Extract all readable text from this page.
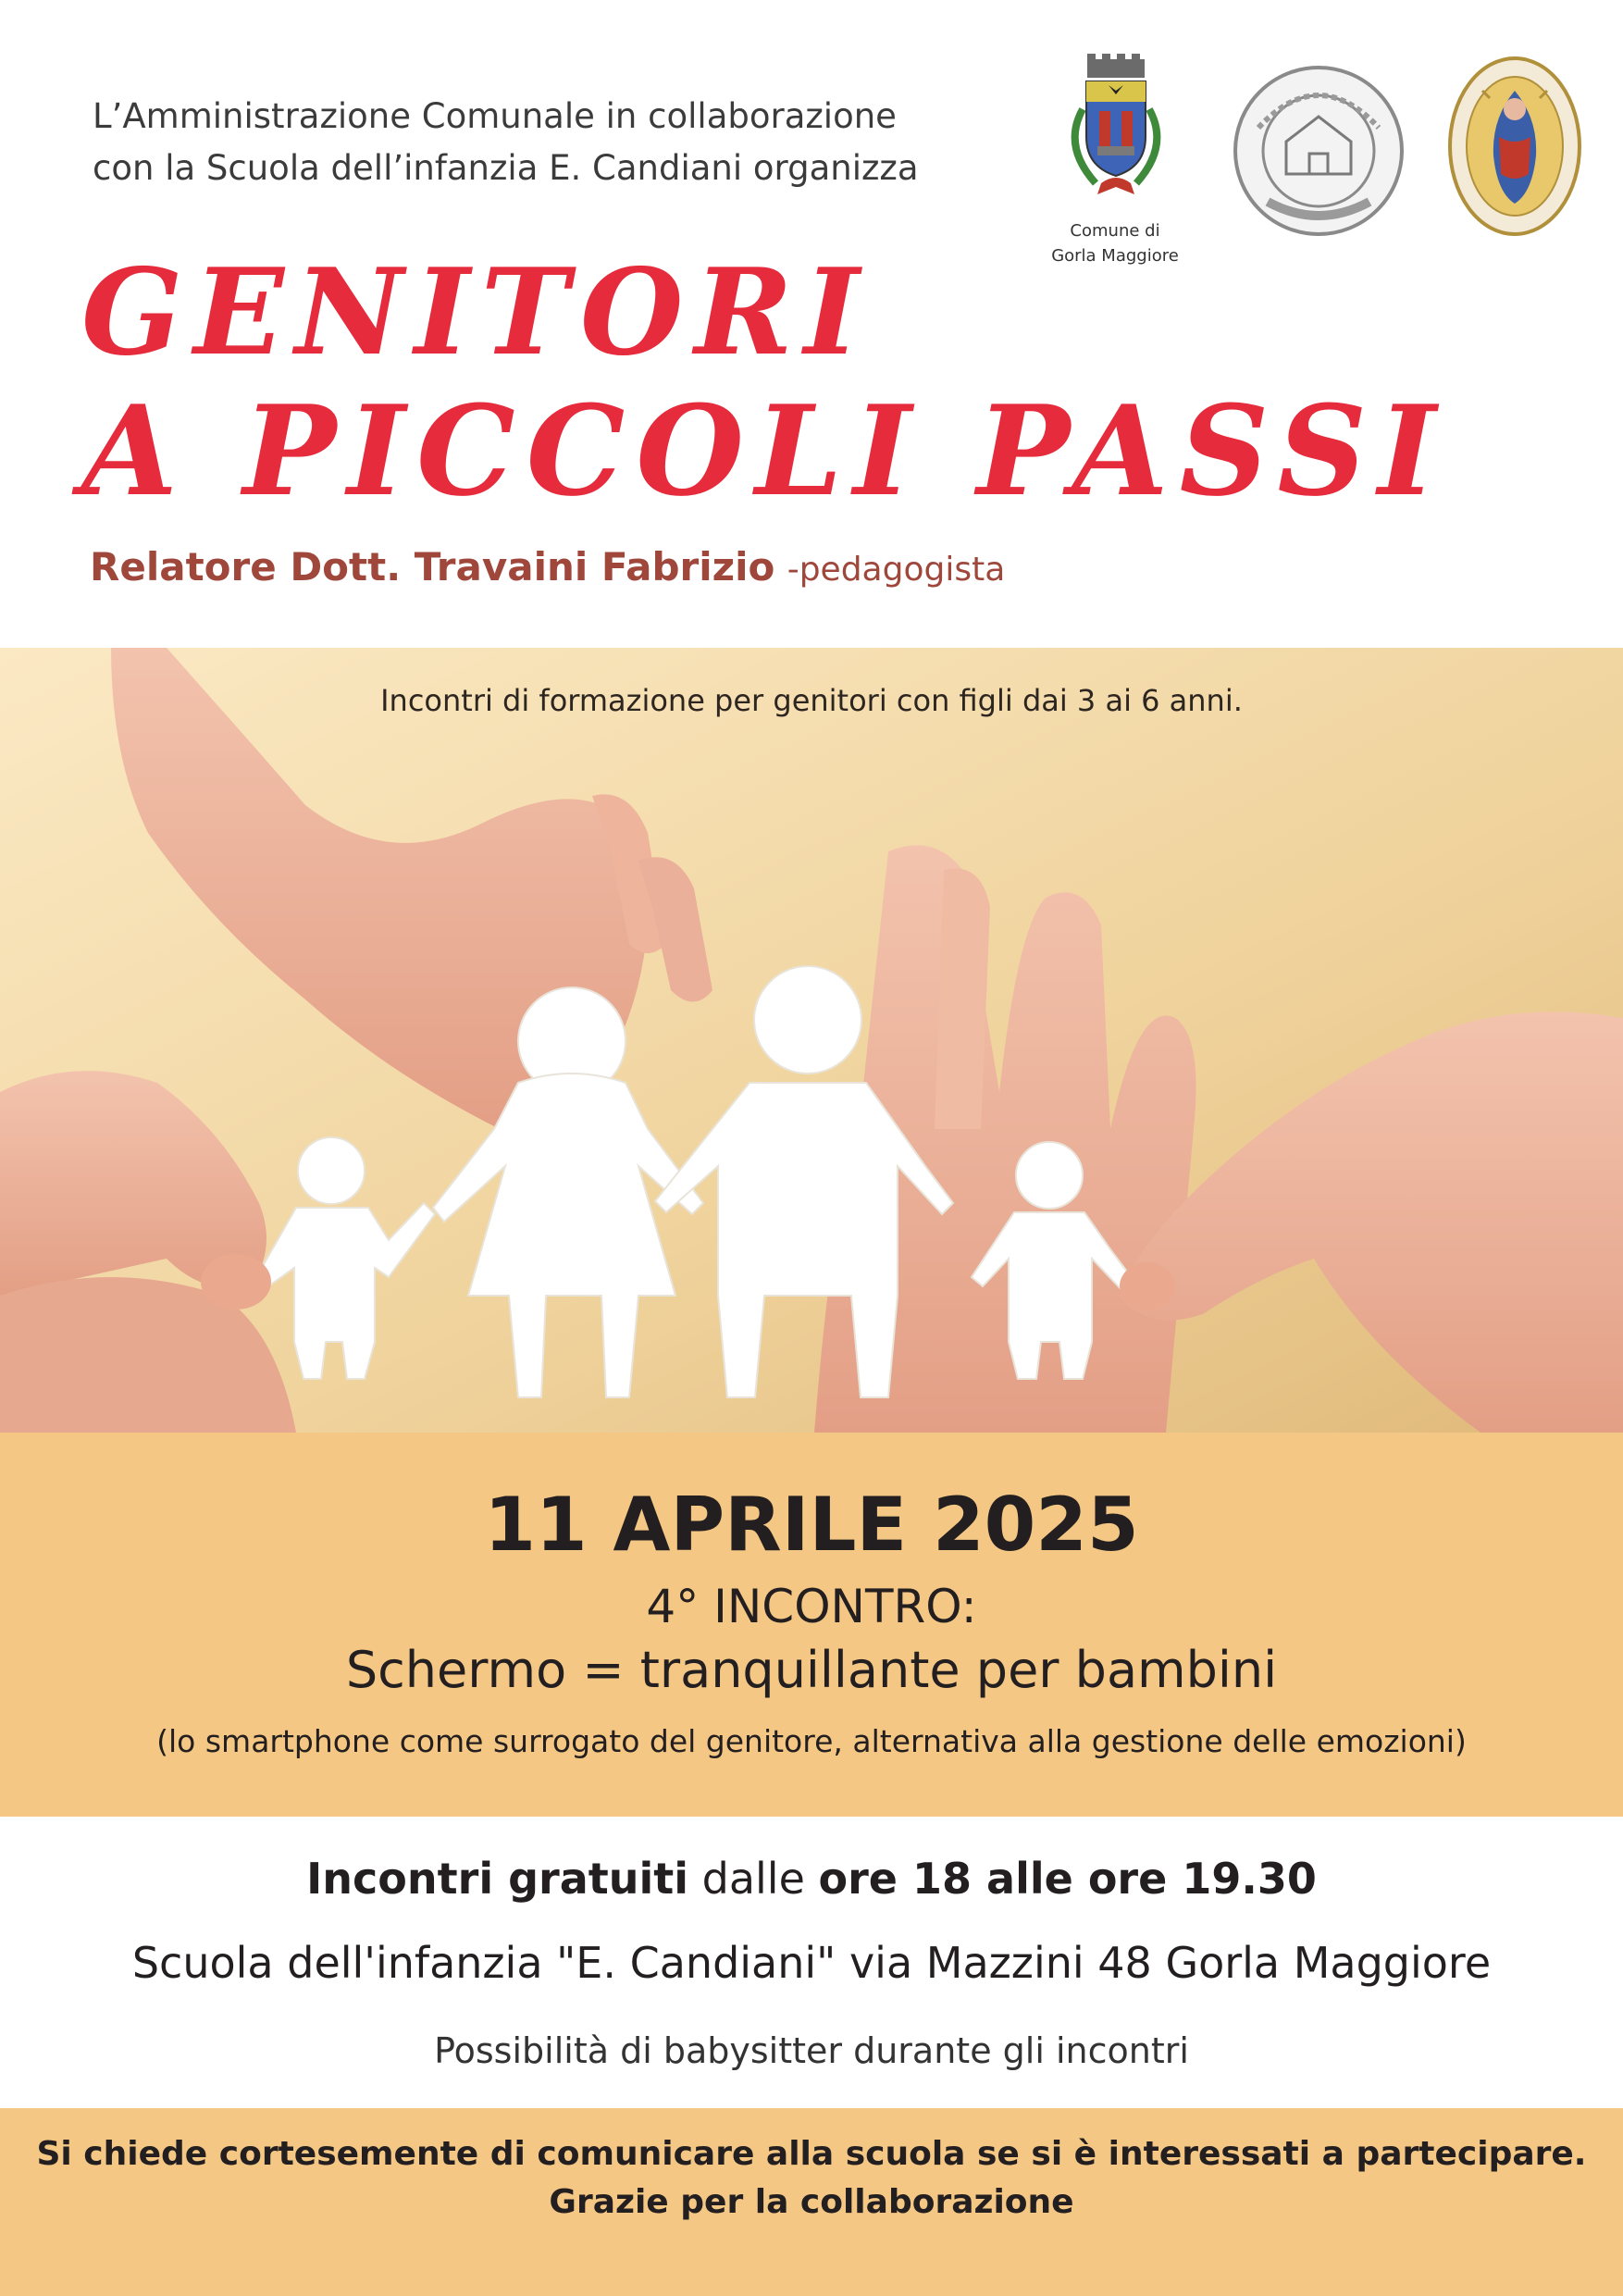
L’Amministrazione Comunale in collaborazione
con la Scuola dell’infanzia E. Candiani organizza
Comune di
Gorla Maggiore
GENITORI
A PICCOLI PASSI
Relatore Dott. Travaini Fabrizio -pedagogista
Incontri di formazione per genitori con figli dai 3 ai 6 anni.
11 APRILE 2025
4° INCONTRO:
Schermo = tranquillante per bambini
(lo smartphone come surrogato del genitore, alternativa alla gestione delle emozioni)
Incontri gratuiti dalle ore 18 alle ore 19.30
Scuola dell'infanzia "E. Candiani" via Mazzini 48 Gorla Maggiore
Possibilità di babysitter durante gli incontri
Si chiede cortesemente di comunicare alla scuola se si è interessati a partecipare.
Grazie per la collaborazione
